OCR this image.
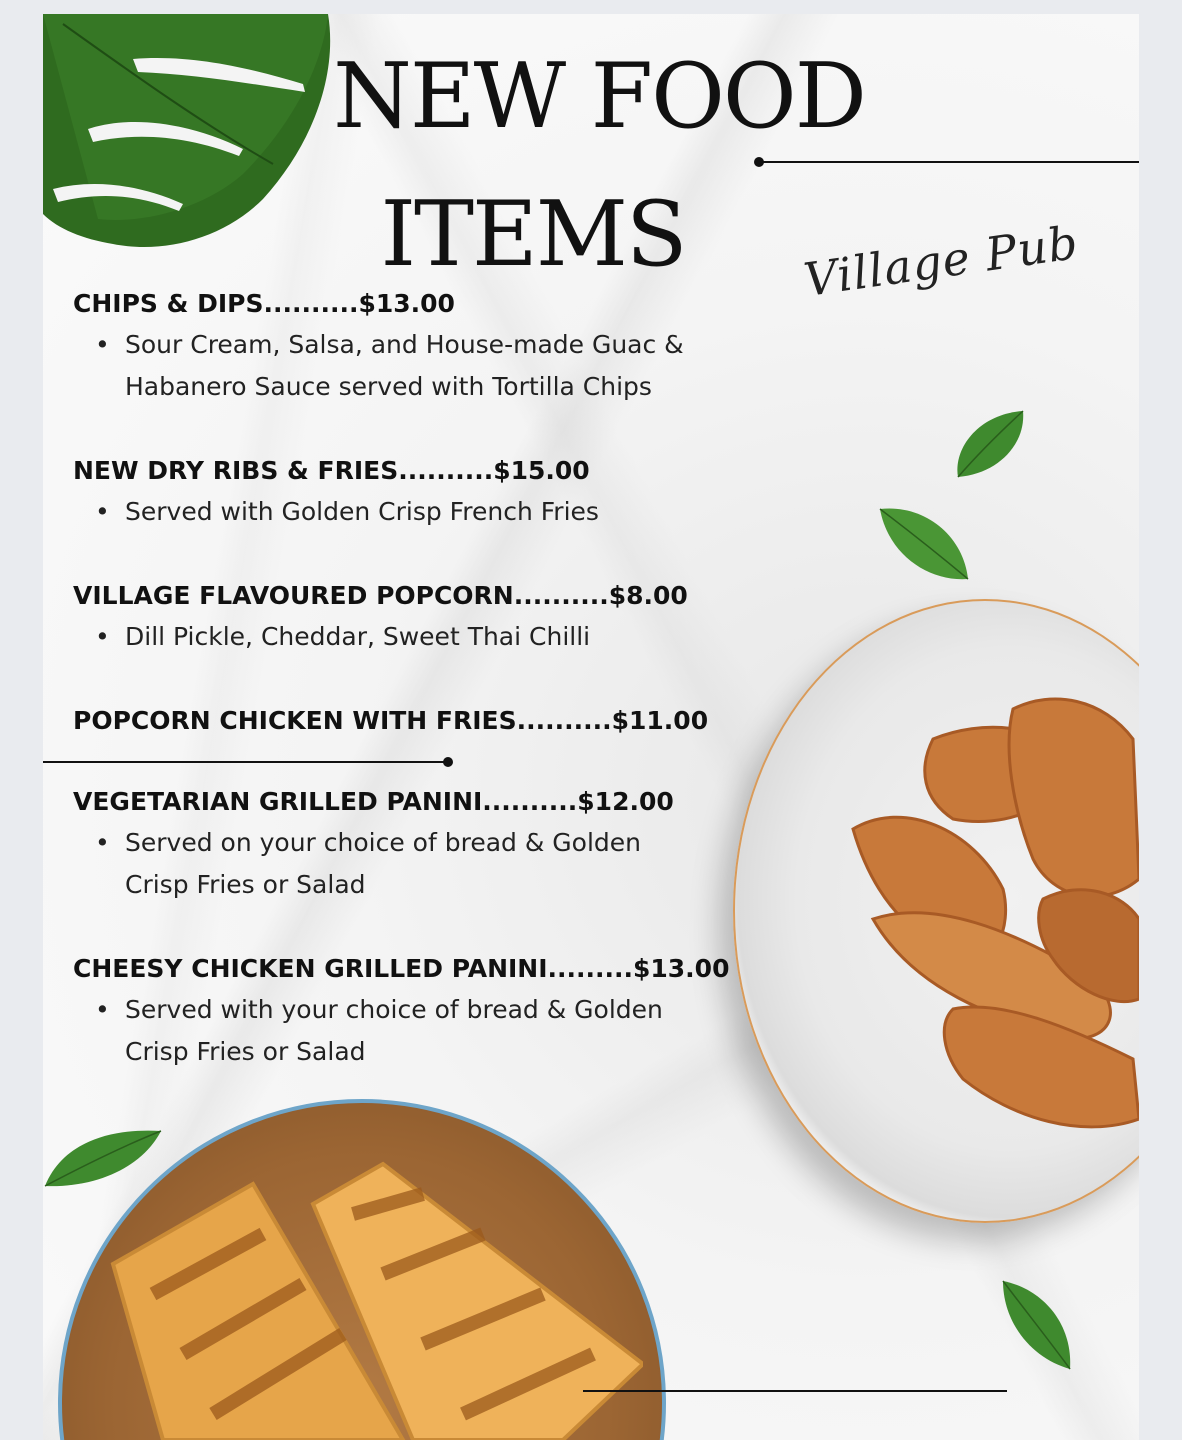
NEW FOOD
ITEMS	Village Pub

CHIPS & DIPS..........$13.00

• Sour Cream, Salsa, and House-made Guac &
Habanero Sauce served with Tortilla Chips

NEW DRY RIBS & FRIES..........$15.00

• Served with Golden Crisp French Fries

VILLAGE FLAVOURED POPCORN..........$8.00

• Dill Pickle, Cheddar, Sweet Thai Chilli

POPCORN CHICKEN WITH FRIES..........$11.00

VEGETARIAN GRILLED PANINI..........$12.00

• Served on your choice of bread & Golden
Crisp Fries or Salad

CHEESY CHICKEN GRILLED PANINI.........$13.00

• Served with your choice of bread & Golden
Crisp Fries or Salad
